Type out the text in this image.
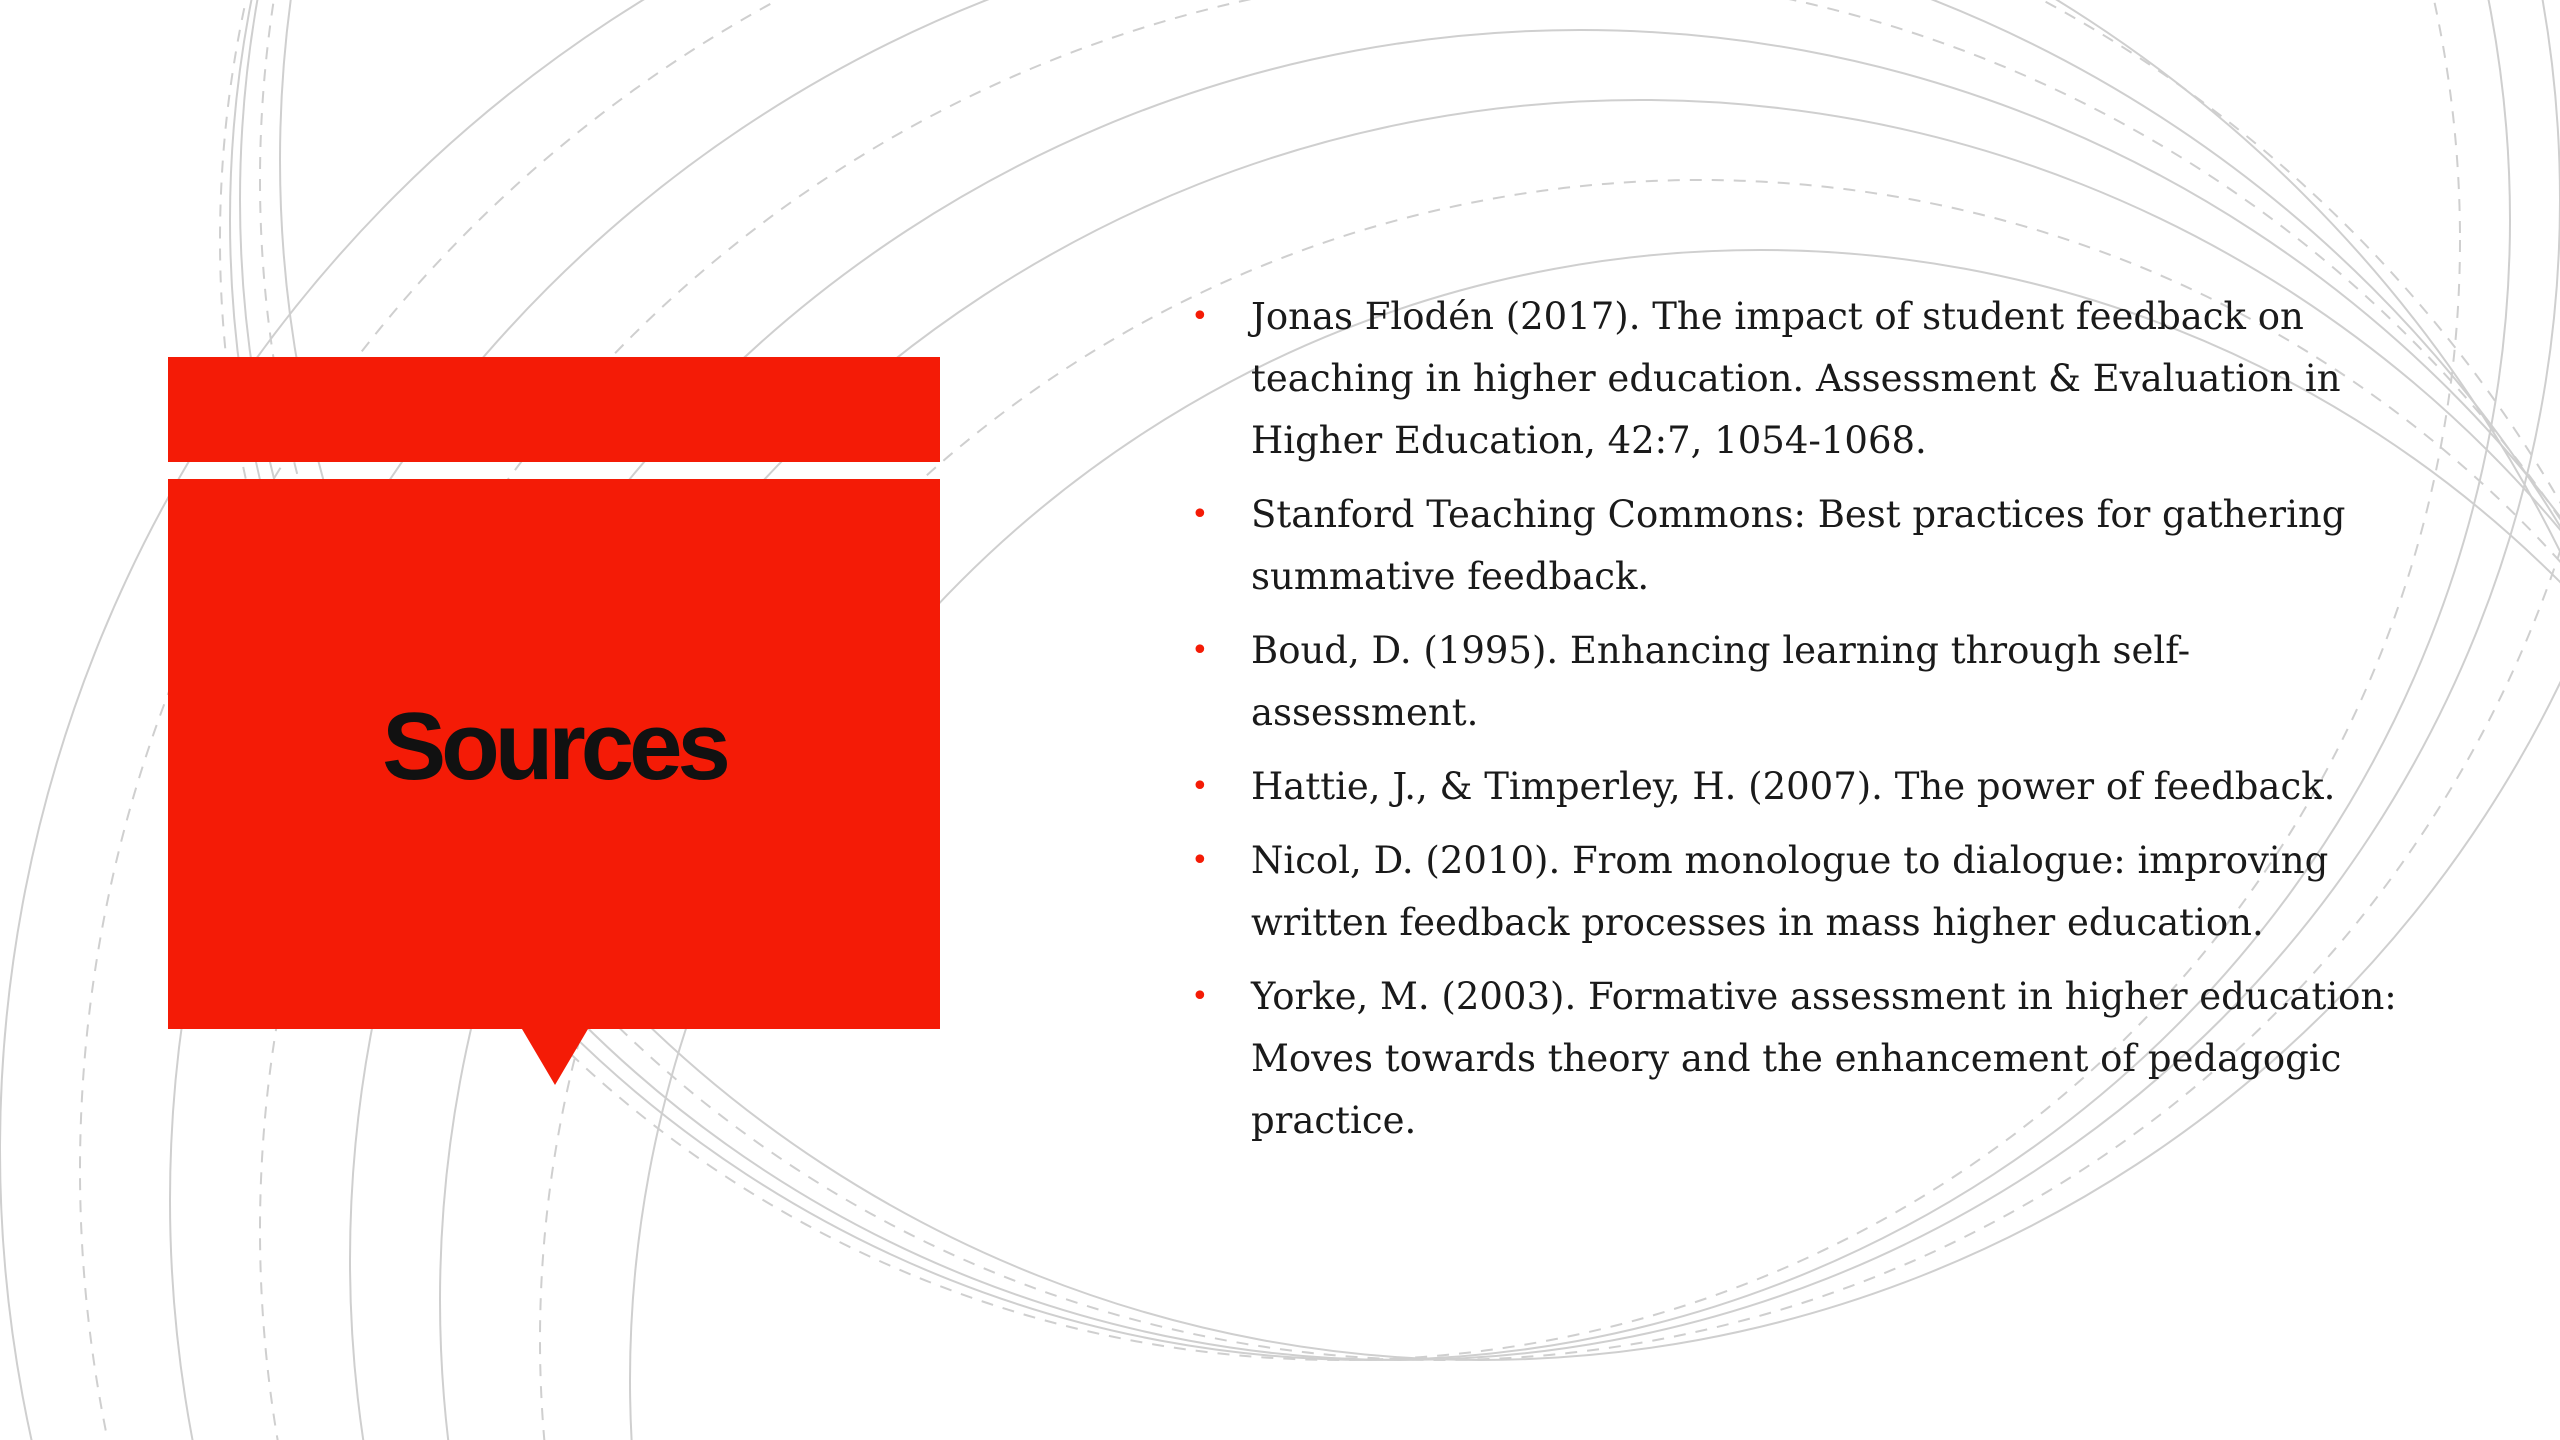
Sources
• Jonas Flodén (2017). The impact of student feedback on teaching in higher education. Assessment & Evaluation in Higher Education, 42:7, 1054-1068.
• Stanford Teaching Commons: Best practices for gathering summative feedback.
• Boud, D. (1995). Enhancing learning through self-assessment.
• Hattie, J., & Timperley, H. (2007). The power of feedback.
• Nicol, D. (2010). From monologue to dialogue: improving written feedback processes in mass higher education.
• Yorke, M. (2003). Formative assessment in higher education: Moves towards theory and the enhancement of pedagogic practice.
